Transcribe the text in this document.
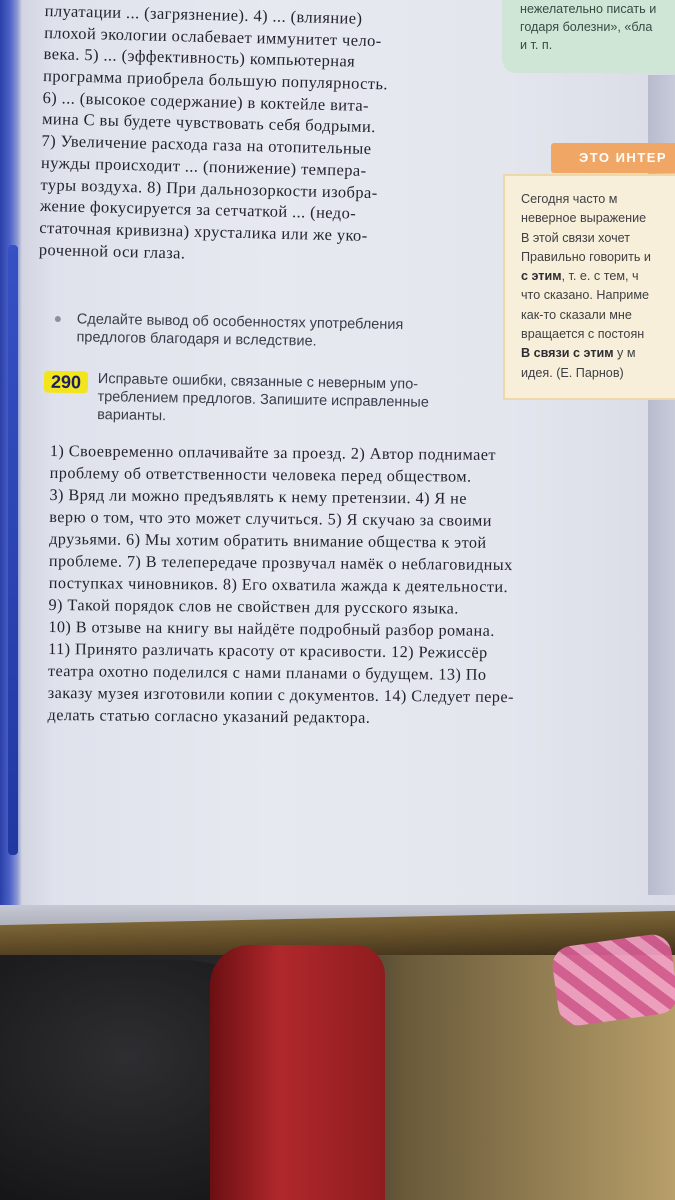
нежелательно писать и
годаря болезни», «бла
и т. п.
плуатации ... (загрязнение). 4) ... (влияние)
плохой экологии ослабевает иммунитет чело-
века. 5) ... (эффективность) компьютерная
программа приобрела большую популярность.
6) ... (высокое содержание) в коктейле вита-
мина С вы будете чувствовать себя бодрыми.
7) Увеличение расхода газа на отопительные
нужды происходит ... (понижение) темпера-
туры воздуха. 8) При дальнозоркости изобра-
жение фокусируется за сетчаткой ... (недо-
статочная кривизна) хрусталика или же уко-
роченной оси глаза.
Сделайте вывод об особенностях употребления
предлогов благодаря и вследствие.
290	Исправьте ошибки, связанные с неверным упо-
треблением предлогов. Запишите исправленные
варианты.
1) Своевременно оплачивайте за проезд. 2) Автор поднимает
проблему об ответственности человека перед обществом.
3) Вряд ли можно предъявлять к нему претензии. 4) Я не
верю о том, что это может случиться. 5) Я скучаю за своими
друзьями. 6) Мы хотим обратить внимание общества к этой
проблеме. 7) В телепередаче прозвучал намёк о неблаговидных
поступках чиновников. 8) Его охватила жажда к деятельности.
9) Такой порядок слов не свойствен для русского языка.
10) В отзыве на книгу вы найдёте подробный разбор романа.
11) Принято различать красоту от красивости. 12) Режиссёр
театра охотно поделился с нами планами о будущем. 13) По
заказу музея изготовили копии с документов. 14) Следует пере-
делать статью согласно указаний редактора.
ЭТО ИНТЕР
Сегодня часто м
неверное выражение
В этой связи хочет
Правильно говорить и
с этим, т. е. с тем, ч
что сказано. Наприме
как-то сказали мне
вращается с постоян
В связи с этим у м
идея. (Е. Парнов)
